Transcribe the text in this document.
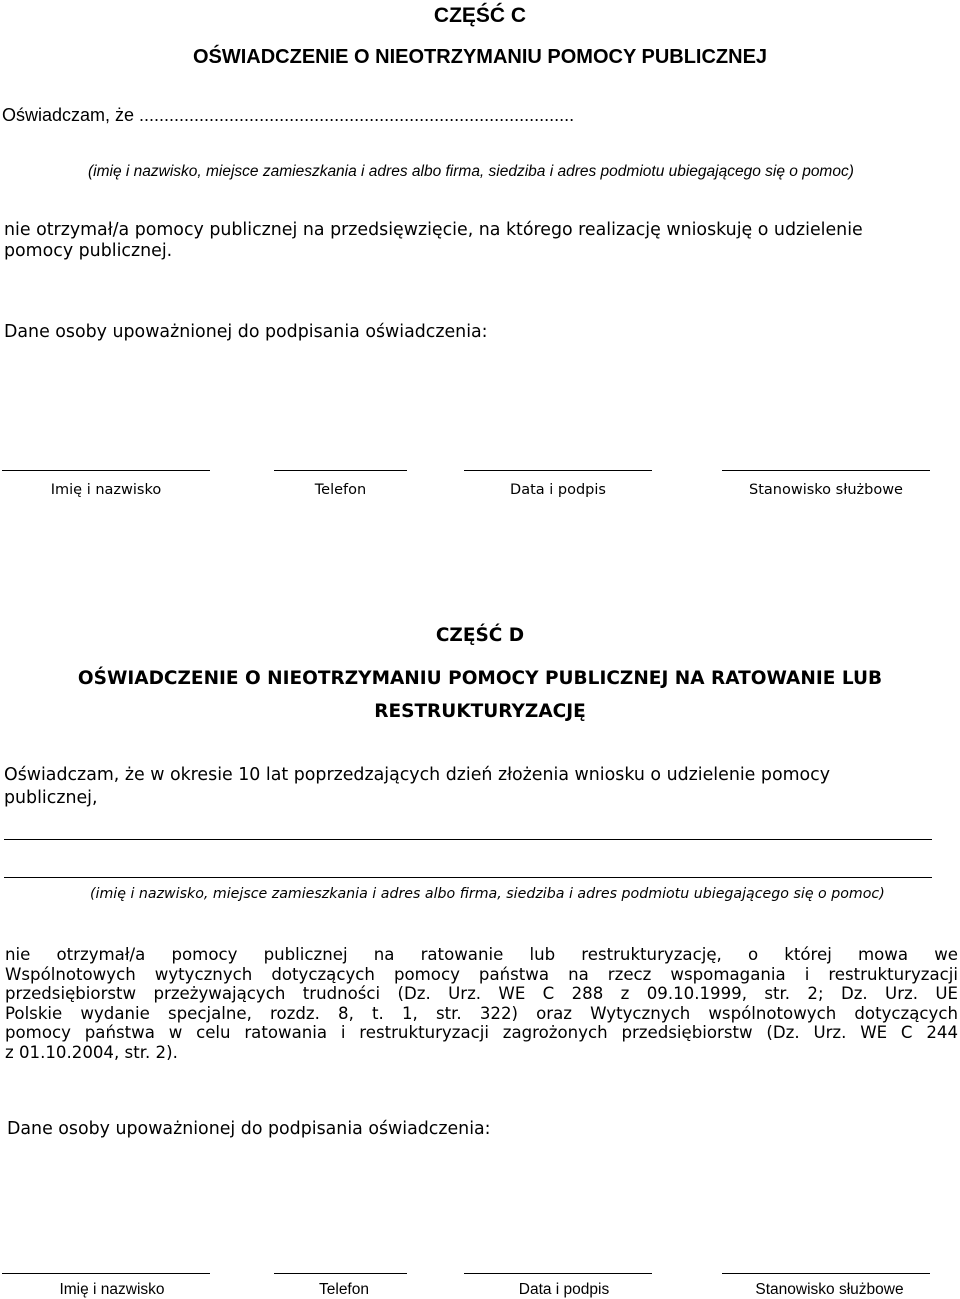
CZĘŚĆ C
OŚWIADCZENIE O NIEOTRZYMANIU POMOCY PUBLICZNEJ
Oświadczam, że .......................................................................................
(imię i nazwisko, miejsce zamieszkania i adres albo firma, siedziba i adres podmiotu ubiegającego się o pomoc)
nie otrzymał/a pomocy publicznej na przedsięwzięcie, na którego realizację wnioskuję o udzielenie
pomocy publicznej.
Dane osoby upoważnionej do podpisania oświadczenia:
Imię i nazwisko	Telefon	Data i podpis	Stanowisko służbowe
CZĘŚĆ D
OŚWIADCZENIE O NIEOTRZYMANIU POMOCY PUBLICZNEJ NA RATOWANIE LUB
RESTRUKTURYZACJĘ
Oświadczam, że w okresie 10 lat poprzedzających dzień złożenia wniosku o udzielenie pomocy
publicznej,
(imię i nazwisko, miejsce zamieszkania i adres albo firma, siedziba i adres podmiotu ubiegającego się o pomoc)
nie otrzymał/a pomocy publicznej na ratowanie lub restrukturyzację, o której mowa we
Wspólnotowych wytycznych dotyczących pomocy państwa na rzecz wspomagania i restrukturyzacji
przedsiębiorstw przeżywających trudności (Dz. Urz. WE C 288 z 09.10.1999, str. 2; Dz. Urz. UE
Polskie wydanie specjalne, rozdz. 8, t. 1, str. 322) oraz Wytycznych wspólnotowych dotyczących
pomocy państwa w celu ratowania i restrukturyzacji zagrożonych przedsiębiorstw (Dz. Urz. WE C 244
z 01.10.2004, str. 2).
Dane osoby upoważnionej do podpisania oświadczenia:
Imię i nazwisko	Telefon	Data i podpis	Stanowisko służbowe
